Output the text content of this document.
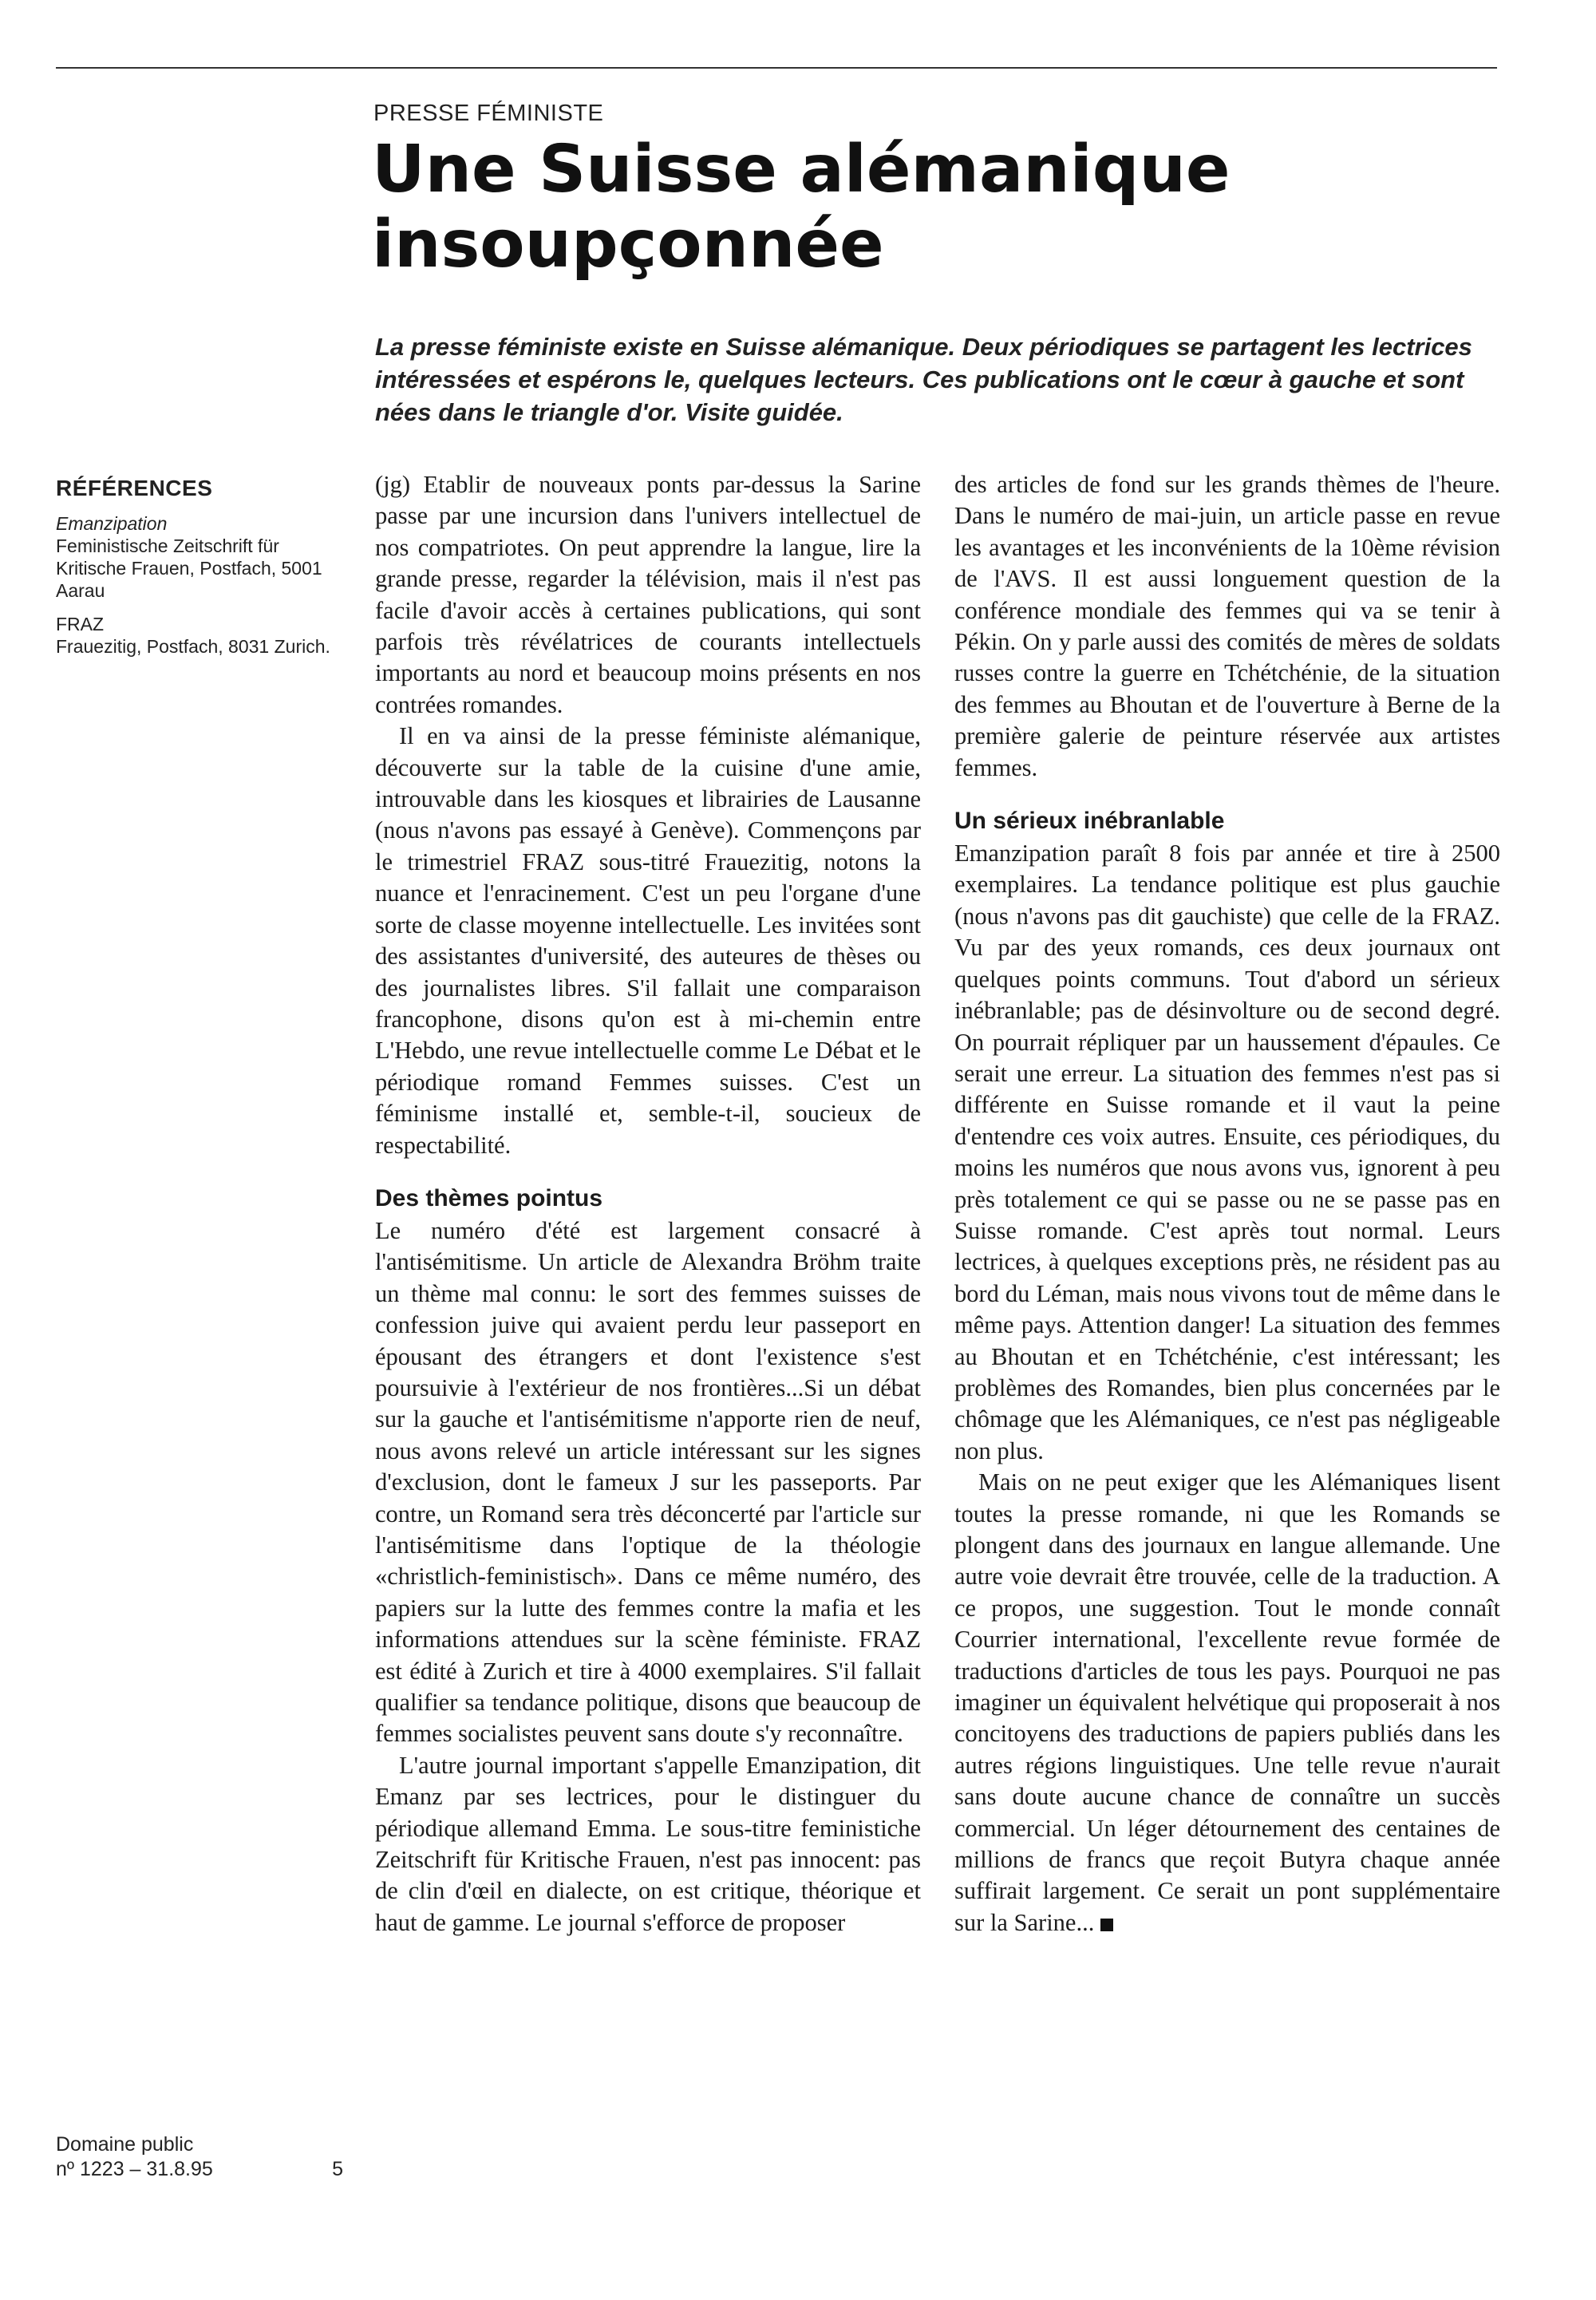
PRESSE FÉMINISTE
Une Suisse alémanique insoupçonnée

La presse féministe existe en Suisse alémanique. Deux périodiques se partagent les lectrices intéressées et espérons le, quelques lecteurs. Ces publications ont le cœur à gauche et sont nées dans le triangle d'or. Visite guidée.

RÉFÉRENCES
Emanzipation
Feministische Zeitschrift für Kritische Frauen, Postfach, 5001 Aarau
FRAZ
Frauezitig, Postfach, 8031 Zurich.

(jg) Etablir de nouveaux ponts par-dessus la Sarine passe par une incursion dans l'univers intellectuel de nos compatriotes. On peut apprendre la langue, lire la grande presse, regarder la télévision, mais il n'est pas facile d'avoir accès à certaines publications, qui sont parfois très révélatrices de courants intellectuels importants au nord et beaucoup moins présents en nos contrées romandes.

Il en va ainsi de la presse féministe alémanique, découverte sur la table de la cuisine d'une amie, introuvable dans les kiosques et librairies de Lausanne (nous n'avons pas essayé à Genève). Commençons par le trimestriel FRAZ sous-titré Frauezitig, notons la nuance et l'enracinement. C'est un peu l'organe d'une sorte de classe moyenne intellectuelle. Les invitées sont des assistantes d'université, des auteures de thèses ou des journalistes libres. S'il fallait une comparaison francophone, disons qu'on est à mi-chemin entre L'Hebdo, une revue intellectuelle comme Le Débat et le périodique romand Femmes suisses. C'est un féminisme installé et, semble-t-il, soucieux de respectabilité.

Des thèmes pointus

Le numéro d'été est largement consacré à l'antisémitisme. Un article de Alexandra Bröhm traite un thème mal connu: le sort des femmes suisses de confession juive qui avaient perdu leur passeport en épousant des étrangers et dont l'existence s'est poursuivie à l'extérieur de nos frontières...Si un débat sur la gauche et l'antisémitisme n'apporte rien de neuf, nous avons relevé un article intéressant sur les signes d'exclusion, dont le fameux J sur les passeports. Par contre, un Romand sera très déconcerté par l'article sur l'antisémitisme dans l'optique de la théologie «christlich-feministisch». Dans ce même numéro, des papiers sur la lutte des femmes contre la mafia et les informations attendues sur la scène féministe. FRAZ est édité à Zurich et tire à 4000 exemplaires. S'il fallait qualifier sa tendance politique, disons que beaucoup de femmes socialistes peuvent sans doute s'y reconnaître.

L'autre journal important s'appelle Emanzipation, dit Emanz par ses lectrices, pour le distinguer du périodique allemand Emma. Le sous-titre feministiche Zeitschrift für Kritische Frauen, n'est pas innocent: pas de clin d'œil en dialecte, on est critique, théorique et haut de gamme. Le journal s'efforce de proposer

des articles de fond sur les grands thèmes de l'heure. Dans le numéro de mai-juin, un article passe en revue les avantages et les inconvénients de la 10ème révision de l'AVS. Il est aussi longuement question de la conférence mondiale des femmes qui va se tenir à Pékin. On y parle aussi des comités de mères de soldats russes contre la guerre en Tchétchénie, de la situation des femmes au Bhoutan et de l'ouverture à Berne de la première galerie de peinture réservée aux artistes femmes.

Un sérieux inébranlable

Emanzipation paraît 8 fois par année et tire à 2500 exemplaires. La tendance politique est plus gauchie (nous n'avons pas dit gauchiste) que celle de la FRAZ. Vu par des yeux romands, ces deux journaux ont quelques points communs. Tout d'abord un sérieux inébranlable; pas de désinvolture ou de second degré. On pourrait répliquer par un haussement d'épaules. Ce serait une erreur. La situation des femmes n'est pas si différente en Suisse romande et il vaut la peine d'entendre ces voix autres. Ensuite, ces périodiques, du moins les numéros que nous avons vus, ignorent à peu près totalement ce qui se passe ou ne se passe pas en Suisse romande. C'est après tout normal. Leurs lectrices, à quelques exceptions près, ne résident pas au bord du Léman, mais nous vivons tout de même dans le même pays. Attention danger! La situation des femmes au Bhoutan et en Tchétchénie, c'est intéressant; les problèmes des Romandes, bien plus concernées par le chômage que les Alémaniques, ce n'est pas négligeable non plus.

Mais on ne peut exiger que les Alémaniques lisent toutes la presse romande, ni que les Romands se plongent dans des journaux en langue allemande. Une autre voie devrait être trouvée, celle de la traduction. A ce propos, une suggestion. Tout le monde connaît Courrier international, l'excellente revue formée de traductions d'articles de tous les pays. Pourquoi ne pas imaginer un équivalent helvétique qui proposerait à nos concitoyens des traductions de papiers publiés dans les autres régions linguistiques. Une telle revue n'aurait sans doute aucune chance de connaître un succès commercial. Un léger détournement des centaines de millions de francs que reçoit Butyra chaque année suffirait largement. Ce serait un pont supplémentaire sur la Sarine...

Domaine public
nº 1223 – 31.8.95	5
